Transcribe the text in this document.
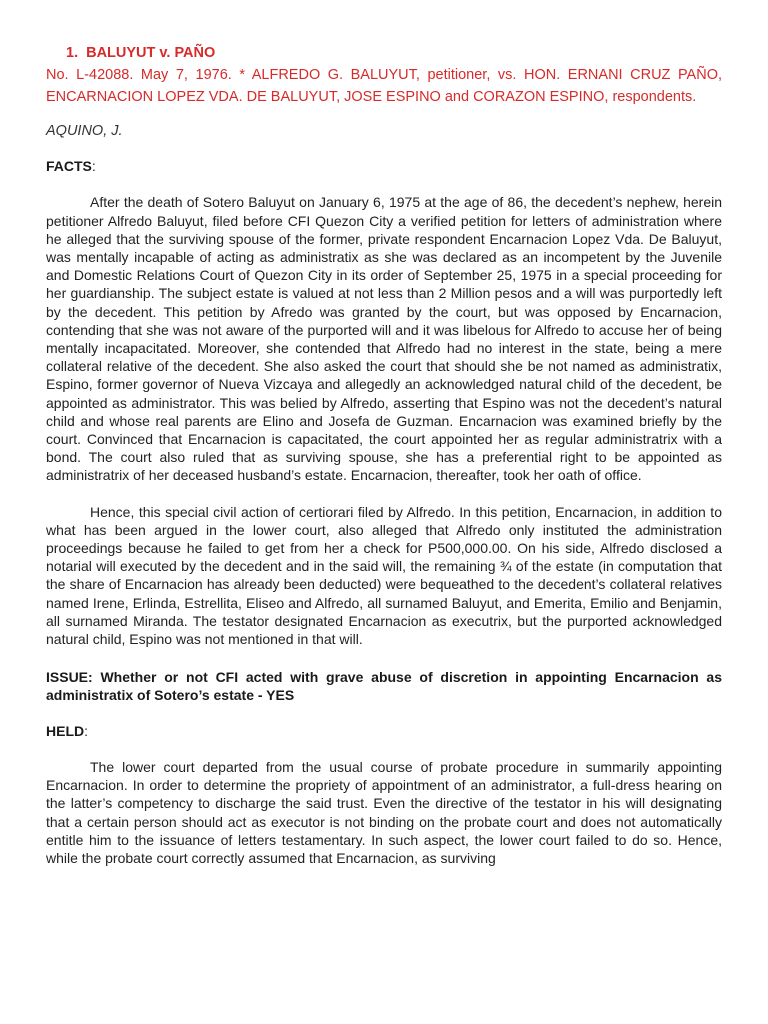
1. BALUYUT v. PAÑO

No. L-42088. May 7, 1976. * ALFREDO G. BALUYUT, petitioner, vs. HON. ERNANI CRUZ PAÑO, ENCARNACION LOPEZ VDA. DE BALUYUT, JOSE ESPINO and CORAZON ESPINO, respondents.

AQUINO, J.

FACTS:

After the death of Sotero Baluyut on January 6, 1975 at the age of 86, the decedent’s nephew, herein petitioner Alfredo Baluyut, filed before CFI Quezon City a verified petition for letters of administration where he alleged that the surviving spouse of the former, private respondent Encarnacion Lopez Vda. De Baluyut, was mentally incapable of acting as administratix as she was declared as an incompetent by the Juvenile and Domestic Relations Court of Quezon City in its order of September 25, 1975 in a special proceeding for her guardianship. The subject estate is valued at not less than 2 Million pesos and a will was purportedly left by the decedent. This petition by Afredo was granted by the court, but was opposed by Encarnacion, contending that she was not aware of the purported will and it was libelous for Alfredo to accuse her of being mentally incapacitated. Moreover, she contended that Alfredo had no interest in the state, being a mere collateral relative of the decedent. She also asked the court that should she be not named as administratix, Espino, former governor of Nueva Vizcaya and allegedly an acknowledged natural child of the decedent, be appointed as administrator. This was belied by Alfredo, asserting that Espino was not the decedent’s natural child and whose real parents are Elino and Josefa de Guzman. Encarnacion was examined briefly by the court. Convinced that Encarnacion is capacitated, the court appointed her as regular administratrix with a bond. The court also ruled that as surviving spouse, she has a preferential right to be appointed as administratrix of her deceased husband’s estate. Encarnacion, thereafter, took her oath of office.

Hence, this special civil action of certiorari filed by Alfredo. In this petition, Encarnacion, in addition to what has been argued in the lower court, also alleged that Alfredo only instituted the administration proceedings because he failed to get from her a check for P500,000.00. On his side, Alfredo disclosed a notarial will executed by the decedent and in the said will, the remaining ¾ of the estate (in computation that the share of Encarnacion has already been deducted) were bequeathed to the decedent’s collateral relatives named Irene, Erlinda, Estrellita, Eliseo and Alfredo, all surnamed Baluyut, and Emerita, Emilio and Benjamin, all surnamed Miranda. The testator designated Encarnacion as executrix, but the purported acknowledged natural child, Espino was not mentioned in that will.

ISSUE: Whether or not CFI acted with grave abuse of discretion in appointing Encarnacion as administratix of Sotero’s estate - YES

HELD:

The lower court departed from the usual course of probate procedure in summarily appointing Encarnacion. In order to determine the propriety of appointment of an administrator, a full-dress hearing on the latter’s competency to discharge the said trust. Even the directive of the testator in his will designating that a certain person should act as executor is not binding on the probate court and does not automatically entitle him to the issuance of letters testamentary. In such aspect, the lower court failed to do so. Hence, while the probate court correctly assumed that Encarnacion, as surviving
